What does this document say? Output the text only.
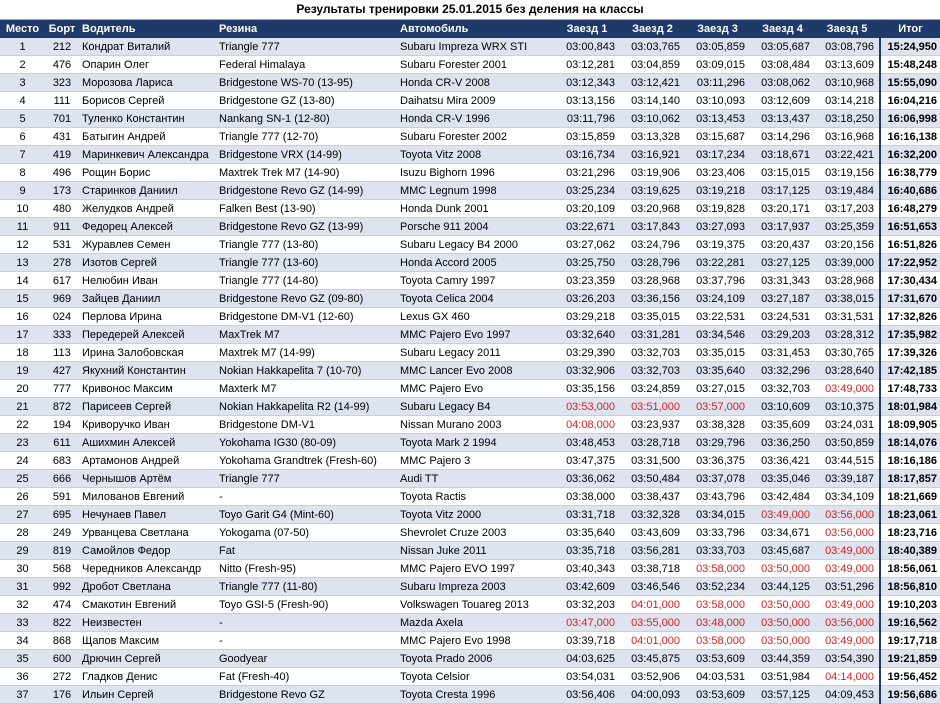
Результаты тренировки 25.01.2015 без деления на классы
Место	Борт	Водитель	Резина	Автомобиль	Заезд 1	Заезд 2	Заезд 3	Заезд 4	Заезд 5	Итог
1	212	Кондрат Виталий	Triangle 777	Subaru Impreza WRX STI	03:00,843	03:03,765	03:05,859	03:05,687	03:08,796	15:24,950
2	476	Опарин Олег	Federal Himalaya	Subaru Forester 2001	03:12,281	03:04,859	03:09,015	03:08,484	03:13,609	15:48,248
3	323	Морозова Лариса	Bridgestone WS-70 (13-95)	Honda CR-V 2008	03:12,343	03:12,421	03:11,296	03:08,062	03:10,968	15:55,090
4	111	Борисов Сергей	Bridgestone GZ (13-80)	Daihatsu Mira 2009	03:13,156	03:14,140	03:10,093	03:12,609	03:14,218	16:04,216
5	701	Туленко Константин	Nankang SN-1 (12-80)	Honda CR-V 1996	03:11,796	03:10,062	03:13,453	03:13,437	03:18,250	16:06,998
6	431	Батыгин Андрей	Triangle 777 (12-70)	Subaru Forester 2002	03:15,859	03:13,328	03:15,687	03:14,296	03:16,968	16:16,138
7	419	Маринкевич Александра	Bridgestone VRX (14-99)	Toyota Vitz 2008	03:16,734	03:16,921	03:17,234	03:18,671	03:22,421	16:32,200
8	496	Рощин Борис	Maxtrek Trek M7 (14-90)	Isuzu Bighorn 1996	03:21,296	03:19,906	03:23,406	03:15,015	03:19,156	16:38,779
9	173	Старинков Даниил	Bridgestone Revo GZ (14-99)	MMC Legnum 1998	03:25,234	03:19,625	03:19,218	03:17,125	03:19,484	16:40,686
10	480	Желудков Андрей	Falken Best (13-90)	Honda Dunk 2001	03:20,109	03:20,968	03:19,828	03:20,171	03:17,203	16:48,279
11	911	Федорец Алексей	Bridgestone Revo GZ (13-99)	Porsche 911 2004	03:22,671	03:17,843	03:27,093	03:17,937	03:25,359	16:51,653
12	531	Журавлев Семен	Triangle 777 (13-80)	Subaru Legacy B4 2000	03:27,062	03:24,796	03:19,375	03:20,437	03:20,156	16:51,826
13	278	Изотов Сергей	Triangle 777 (13-60)	Honda Accord 2005	03:25,750	03:28,796	03:22,281	03:27,125	03:39,000	17:22,952
14	617	Нелюбин Иван	Triangle 777 (14-80)	Toyota Camry 1997	03:23,359	03:28,968	03:37,796	03:31,343	03:28,968	17:30,434
15	969	Зайцев Даниил	Bridgestone Revo GZ (09-80)	Toyota Celica 2004	03:26,203	03:36,156	03:24,109	03:27,187	03:38,015	17:31,670
16	024	Перлова Ирина	Bridgestone DM-V1 (12-60)	Lexus GX 460	03:29,218	03:35,015	03:22,531	03:24,531	03:31,531	17:32,826
17	333	Передерей Алексей	MaxTrek M7	MMC Pajero Evo 1997	03:32,640	03:31,281	03:34,546	03:29,203	03:28,312	17:35,982
18	113	Ирина Залобовская	Maxtrek M7 (14-99)	Subaru Legacy 2011	03:29,390	03:32,703	03:35,015	03:31,453	03:30,765	17:39,326
19	427	Якухний Константин	Nokian Hakkapelita 7 (10-70)	MMC Lancer Evo 2008	03:32,906	03:32,703	03:35,640	03:32,296	03:28,640	17:42,185
20	777	Кривонос Максим	Maxterk M7	MMC Pajero Evo	03:35,156	03:24,859	03:27,015	03:32,703	03:49,000	17:48,733
21	872	Парисеев Сергей	Nokian Hakkapelita R2 (14-99)	Subaru Legacy B4	03:53,000	03:51,000	03:57,000	03:10,609	03:10,375	18:01,984
22	194	Криворучко Иван	Bridgestone DM-V1	Nissan Murano 2003	04:08,000	03:23,937	03:38,328	03:35,609	03:24,031	18:09,905
23	611	Ашихмин Алексей	Yokohama IG30 (80-09)	Toyota Mark 2 1994	03:48,453	03:28,718	03:29,796	03:36,250	03:50,859	18:14,076
24	683	Артамонов Андрей	Yokohama Grandtrek (Fresh-60)	MMC Pajero 3	03:47,375	03:31,500	03:36,375	03:36,421	03:44,515	18:16,186
25	666	Чернышов Артём	Triangle 777	Audi TT	03:36,062	03:50,484	03:37,078	03:35,046	03:39,187	18:17,857
26	591	Милованов Евгений	-	Toyota Ractis	03:38,000	03:38,437	03:43,796	03:42,484	03:34,109	18:21,669
27	695	Нечунаев Павел	Toyo Garit G4 (Mint-60)	Toyota Vitz 2000	03:31,718	03:32,328	03:34,015	03:49,000	03:56,000	18:23,061
28	249	Урванцева Светлана	Yokogama (07-50)	Shevrolet Cruze 2003	03:35,640	03:43,609	03:33,796	03:34,671	03:56,000	18:23,716
29	819	Самойлов Федор	Fat	Nissan Juke 2011	03:35,718	03:56,281	03:33,703	03:45,687	03:49,000	18:40,389
30	568	Чередников Александр	Nitto (Fresh-95)	MMC Pajero EVO 1997	03:40,343	03:38,718	03:58,000	03:50,000	03:49,000	18:56,061
31	992	Дробот Светлана	Triangle 777 (11-80)	Subaru Impreza 2003	03:42,609	03:46,546	03:52,234	03:44,125	03:51,296	18:56,810
32	474	Смакотин Евгений	Toyo GSI-5 (Fresh-90)	Volkswagen Touareg 2013	03:32,203	04:01,000	03:58,000	03:50,000	03:49,000	19:10,203
33	822	Неизвестен	-	Mazda Axela	03:47,000	03:55,000	03:48,000	03:50,000	03:56,000	19:16,562
34	868	Щапов Максим	-	MMC Pajero Evo 1998	03:39,718	04:01,000	03:58,000	03:50,000	03:49,000	19:17,718
35	600	Дрючин Сергей	Goodyear	Toyota Prado 2006	04:03,625	03:45,875	03:53,609	03:44,359	03:54,390	19:21,859
36	272	Гладков Денис	Fat (Fresh-40)	Toyota Celsior	03:54,031	03:52,906	04:03,531	03:51,984	04:14,000	19:56,452
37	176	Ильин Сергей	Bridgestone Revo GZ	Toyota Cresta 1996	03:56,406	04:00,093	03:53,609	03:57,125	04:09,453	19:56,686
